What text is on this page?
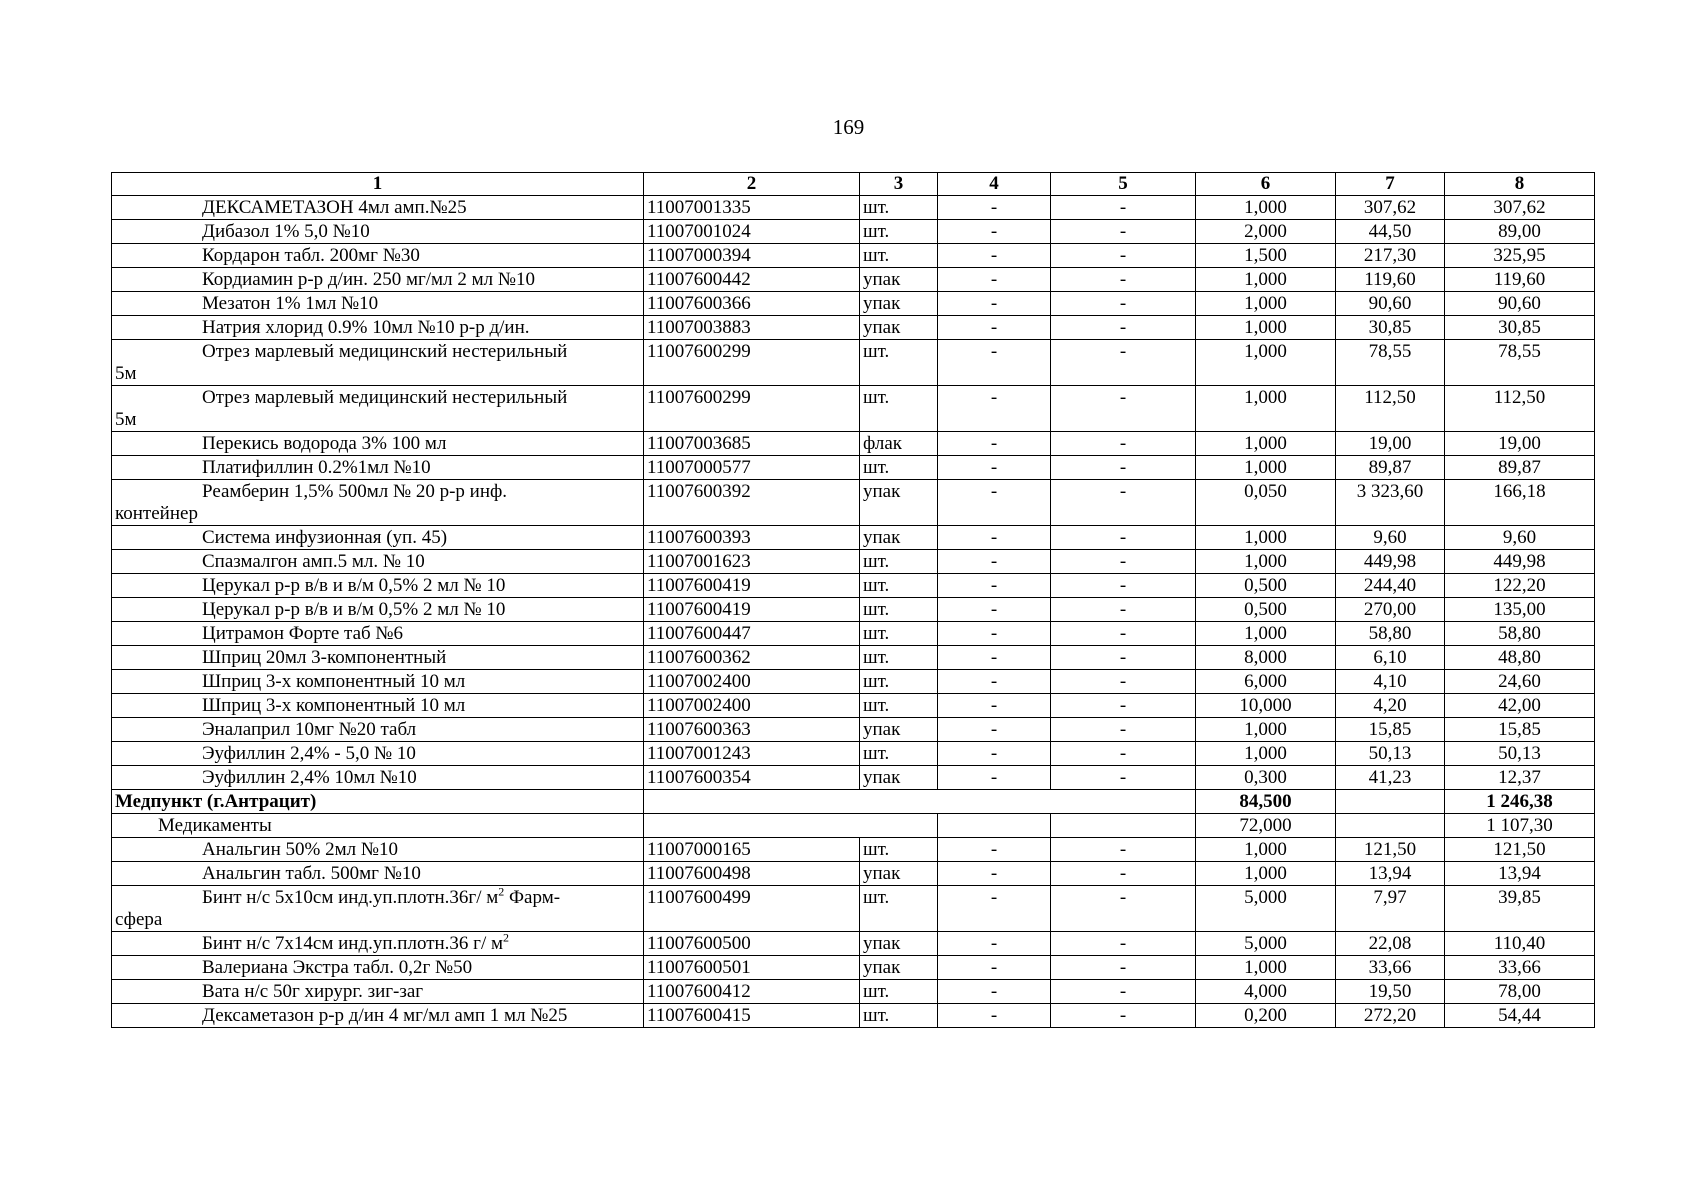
169
1	2	3	4	5	6	7	8

ДЕКСАМЕТАЗОН 4мл амп.№25	11007001335	шт.	-	-	1,000	307,62	307,62

Дибазол 1% 5,0 №10	11007001024	шт.	-	-	2,000	44,50	89,00

Кордарон табл. 200мг №30	11007000394	шт.	-	-	1,500	217,30	325,95

Кордиамин р-р д/ин. 250 мг/мл 2 мл №10	11007600442	упак	-	-	1,000	119,60	119,60

Мезатон 1% 1мл №10	11007600366	упак	-	-	1,000	90,60	90,60

Натрия хлорид 0.9% 10мл №10 р-р д/ин.	11007003883	упак	-	-	1,000	30,85	30,85

Отрез марлевый медицинский нестерильный
5м	11007600299	шт.	-	-	1,000	78,55	78,55

Отрез марлевый медицинский нестерильный
5м	11007600299	шт.	-	-	1,000	112,50	112,50

Перекись водорода 3% 100 мл	11007003685	флак	-	-	1,000	19,00	19,00

Платифиллин 0.2%1мл №10	11007000577	шт.	-	-	1,000	89,87	89,87

Реамберин 1,5% 500мл № 20 р-р инф.
контейнер	11007600392	упак	-	-	0,050	3 323,60	166,18

Система инфузионная (уп. 45)	11007600393	упак	-	-	1,000	9,60	9,60

Спазмалгон амп.5 мл. № 10	11007001623	шт.	-	-	1,000	449,98	449,98

Церукал р-р в/в и в/м 0,5% 2 мл № 10	11007600419	шт.	-	-	0,500	244,40	122,20

Церукал р-р в/в и в/м 0,5% 2 мл № 10	11007600419	шт.	-	-	0,500	270,00	135,00

Цитрамон Форте таб №6	11007600447	шт.	-	-	1,000	58,80	58,80

Шприц 20мл 3-компонентный	11007600362	шт.	-	-	8,000	6,10	48,80

Шприц 3-х компонентный 10 мл	11007002400	шт.	-	-	6,000	4,10	24,60

Шприц 3-х компонентный 10 мл	11007002400	шт.	-	-	10,000	4,20	42,00

Эналаприл 10мг №20 табл	11007600363	упак	-	-	1,000	15,85	15,85

Эуфиллин 2,4% - 5,0 № 10	11007001243	шт.	-	-	1,000	50,13	50,13

Эуфиллин 2,4% 10мл №10	11007600354	упак	-	-	0,300	41,23	12,37
Медпункт (г.Антрацит)					84,500		1 246,38
Медикаменты					72,000		1 107,30

Анальгин 50% 2мл №10	11007000165	шт.	-	-	1,000	121,50	121,50

Анальгин табл. 500мг №10	11007600498	упак	-	-	1,000	13,94	13,94

Бинт н/с 5х10см инд.уп.плотн.36г/ $м^2$ Фарм-
сфера	11007600499	шт.	-	-	5,000	7,97	39,85

Бинт н/с 7х14см инд.уп.плотн.36 г/ $м^2$	11007600500	упак	-	-	5,000	22,08	110,40

Валериана Экстра табл. 0,2г №50	11007600501	упак	-	-	1,000	33,66	33,66

Вата н/с 50г хирург. зиг-заг	11007600412	шт.	-	-	4,000	19,50	78,00

Дексаметазон р-р д/ин 4 мг/мл амп 1 мл №25	11007600415	шт.	-	-	0,200	272,20	54,44
